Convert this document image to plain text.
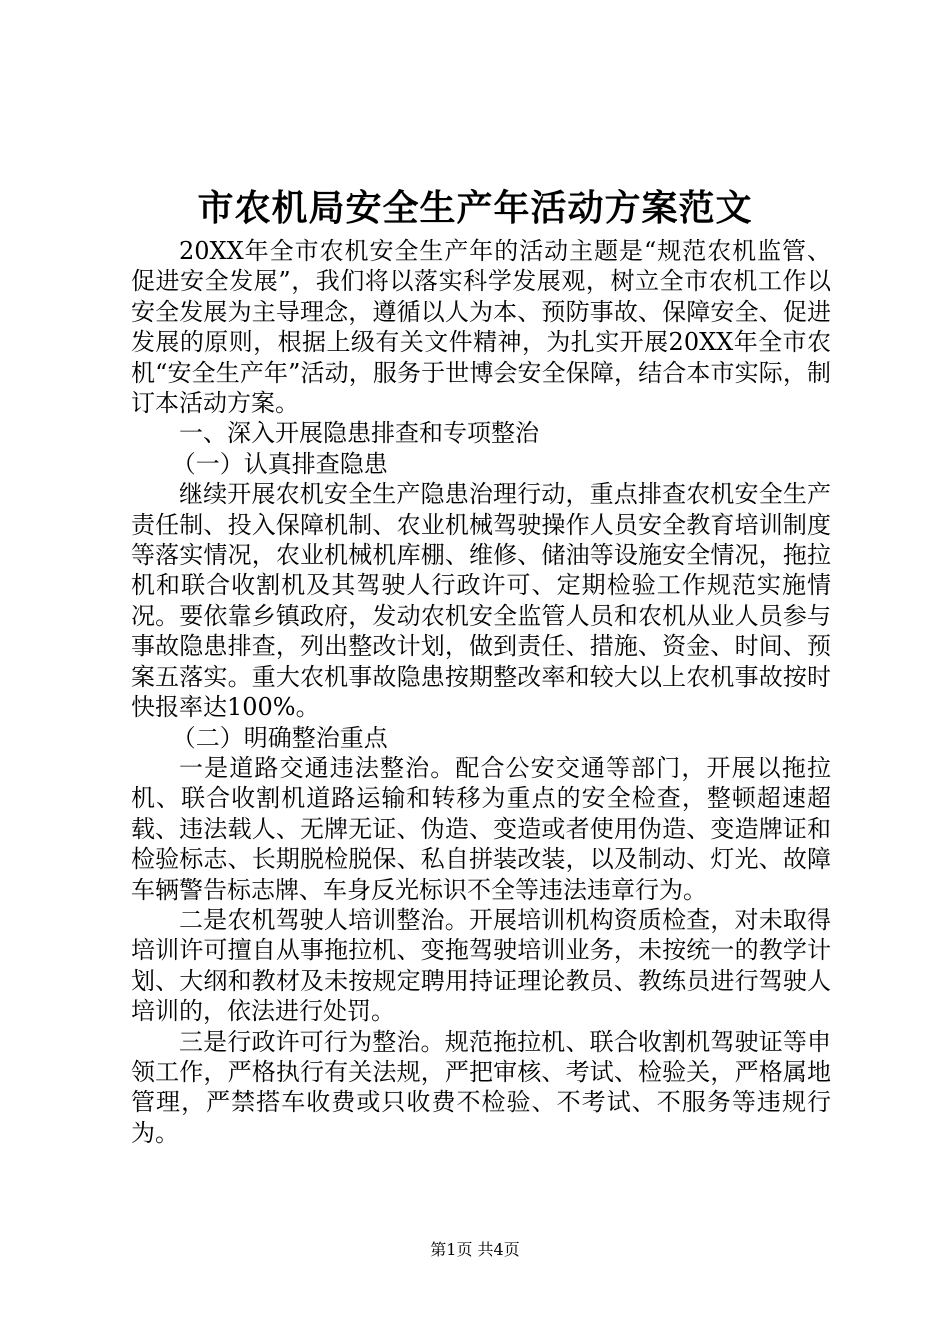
市农机局安全生产年活动方案范文

20XX年全市农机安全生产年的活动主题是“规范农机监管、促进安全发展”，我们将以落实科学发展观，树立全市农机工作以安全发展为主导理念，遵循以人为本、预防事故、保障安全、促进发展的原则，根据上级有关文件精神，为扎实开展20XX年全市农机“安全生产年”活动，服务于世博会安全保障，结合本市实际，制订本活动方案。

一、深入开展隐患排查和专项整治

（一）认真排查隐患

继续开展农机安全生产隐患治理行动，重点排查农机安全生产责任制、投入保障机制、农业机械驾驶操作人员安全教育培训制度等落实情况，农业机械机库棚、维修、储油等设施安全情况，拖拉机和联合收割机及其驾驶人行政许可、定期检验工作规范实施情况。要依靠乡镇政府，发动农机安全监管人员和农机从业人员参与事故隐患排查，列出整改计划，做到责任、措施、资金、时间、预案五落实。重大农机事故隐患按期整改率和较大以上农机事故按时快报率达100%。

（二）明确整治重点

一是道路交通违法整治。配合公安交通等部门，开展以拖拉机、联合收割机道路运输和转移为重点的安全检查，整顿超速超载、违法载人、无牌无证、伪造、变造或者使用伪造、变造牌证和检验标志、长期脱检脱保、私自拼装改装，以及制动、灯光、故障车辆警告标志牌、车身反光标识不全等违法违章行为。

二是农机驾驶人培训整治。开展培训机构资质检查，对未取得培训许可擅自从事拖拉机、变拖驾驶培训业务，未按统一的教学计划、大纲和教材及未按规定聘用持证理论教员、教练员进行驾驶人培训的，依法进行处罚。

三是行政许可行为整治。规范拖拉机、联合收割机驾驶证等申领工作，严格执行有关法规，严把审核、考试、检验关，严格属地管理，严禁搭车收费或只收费不检验、不考试、不服务等违规行为。

第1页 共4页
